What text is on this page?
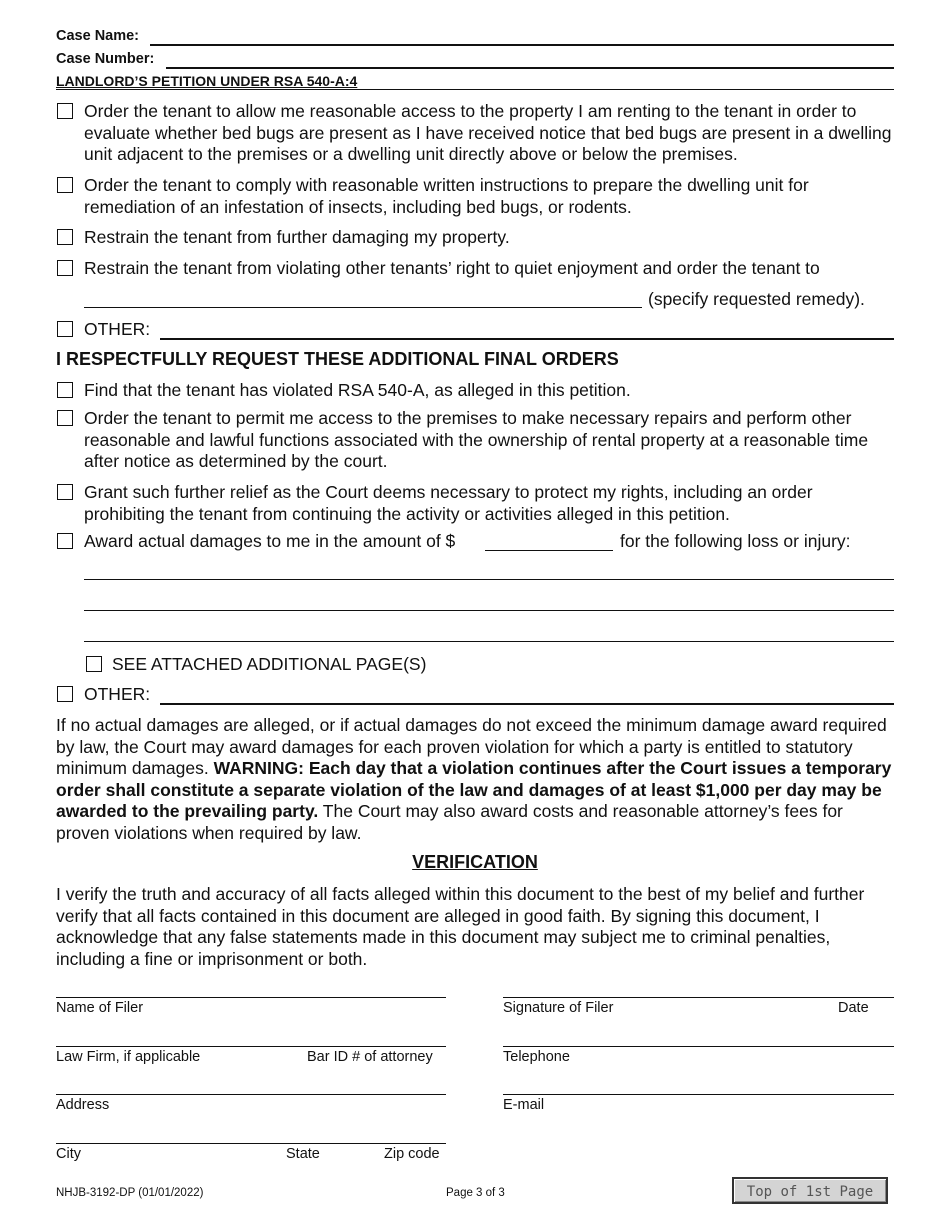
Case Name:
Case Number:
LANDLORD’S PETITION UNDER RSA 540-A:4
Order the tenant to allow me reasonable access to the property I am renting to the tenant in order to evaluate whether bed bugs are present as I have received notice that bed bugs are present in a dwelling unit adjacent to the premises or a dwelling unit directly above or below the premises.
Order the tenant to comply with reasonable written instructions to prepare the dwelling unit for remediation of an infestation of insects, including bed bugs, or rodents.
Restrain the tenant from further damaging my property.
Restrain the tenant from violating other tenants’ right to quiet enjoyment and order the tenant to
(specify requested remedy).
OTHER:
I RESPECTFULLY REQUEST THESE ADDITIONAL FINAL ORDERS
Find that the tenant has violated RSA 540-A, as alleged in this petition.
Order the tenant to permit me access to the premises to make necessary repairs and perform other reasonable and lawful functions associated with the ownership of rental property at a reasonable time after notice as determined by the court.
Grant such further relief as the Court deems necessary to protect my rights, including an order prohibiting the tenant from continuing the activity or activities alleged in this petition.
Award actual damages to me in the amount of $	for the following loss or injury:
SEE ATTACHED ADDITIONAL PAGE(S)
OTHER:
If no actual damages are alleged, or if actual damages do not exceed the minimum damage award required by law, the Court may award damages for each proven violation for which a party is entitled to statutory minimum damages. WARNING: Each day that a violation continues after the Court issues a temporary order shall constitute a separate violation of the law and damages of at least $1,000 per day may be awarded to the prevailing party. The Court may also award costs and reasonable attorney’s fees for proven violations when required by law.
VERIFICATION
I verify the truth and accuracy of all facts alleged within this document to the best of my belief and further verify that all facts contained in this document are alleged in good faith. By signing this document, I acknowledge that any false statements made in this document may subject me to criminal penalties, including a fine or imprisonment or both.
Name of Filer
Law Firm, if applicable	Bar ID # of attorney
Address
City	State	Zip code
Signature of Filer	Date
Telephone
E-mail
NHJB-3192-DP (01/01/2022)	Page 3 of 3	Top of 1st Page
